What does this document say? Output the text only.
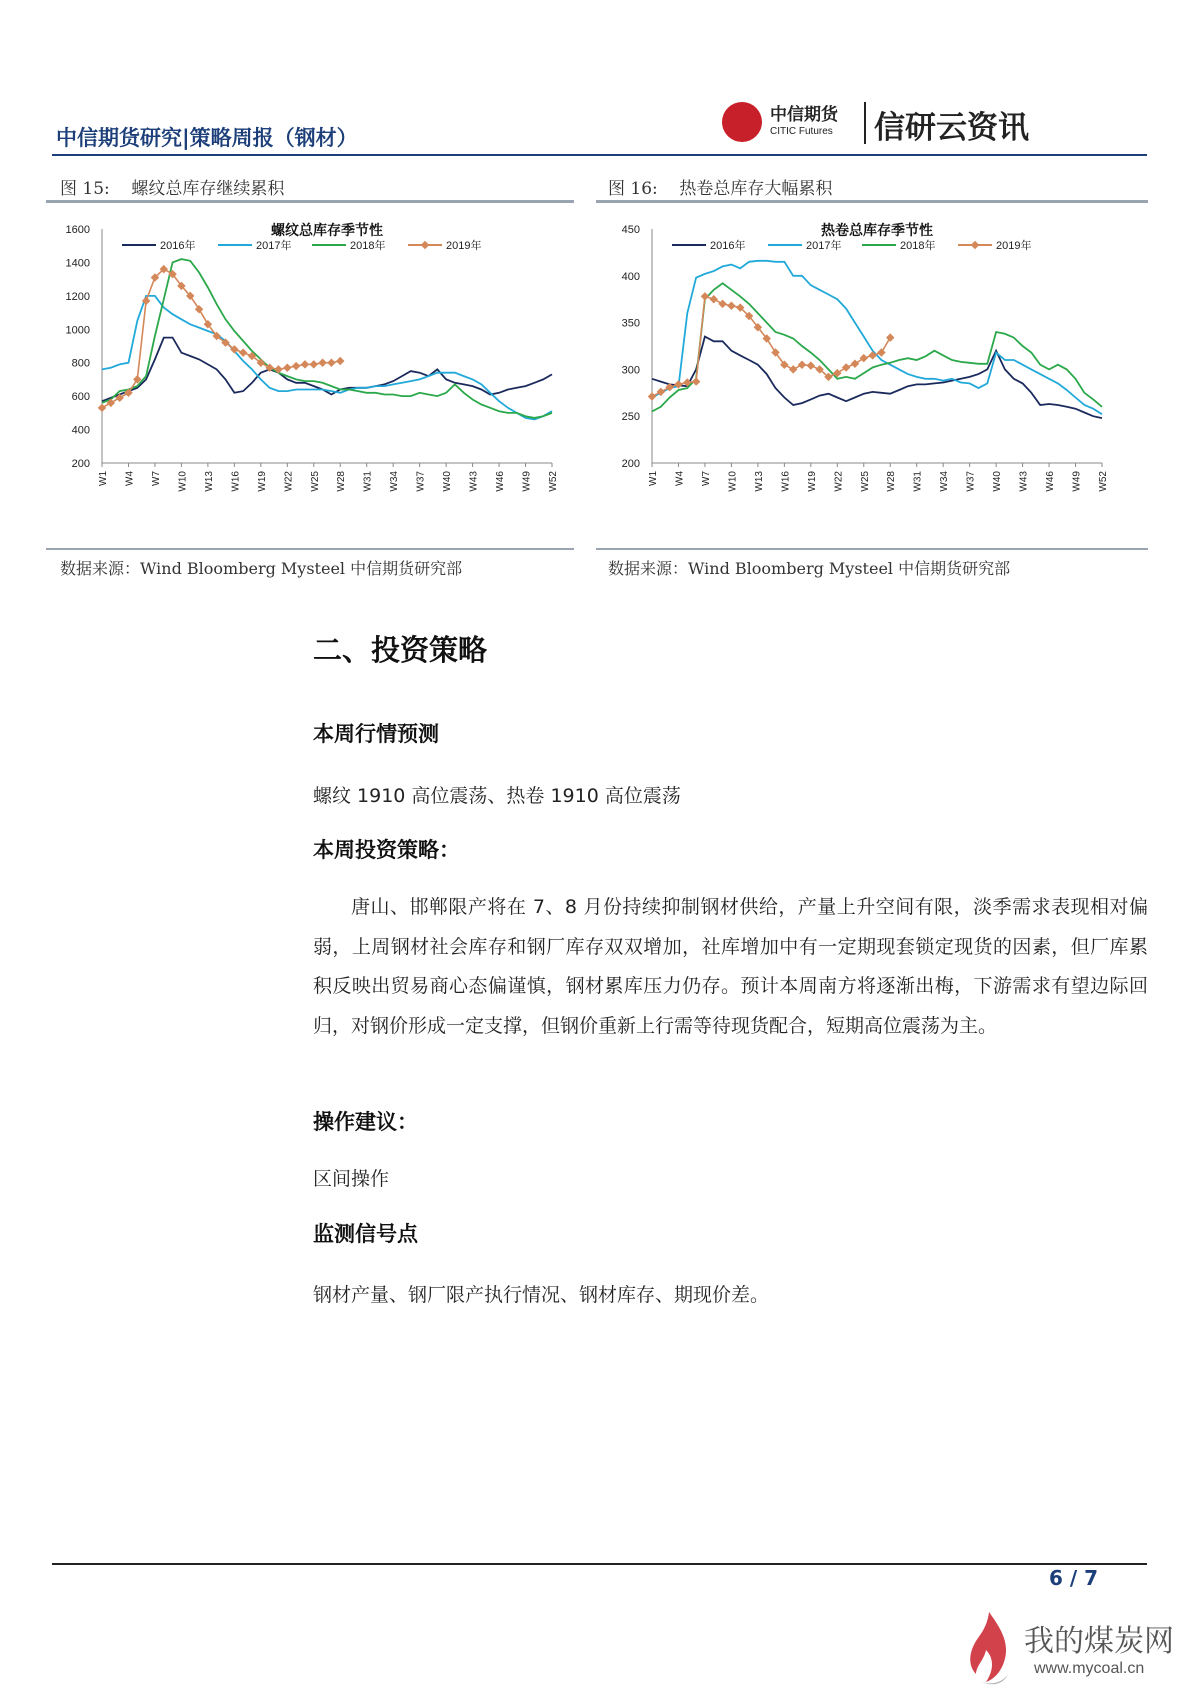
中信期货研究|策略周报（钢材）
中信期货
CITIC Futures 信研云资讯
图 15:    螺纹总库存继续累积
螺纹总库存季节性
200
400
600
800
1000
1200
1400
1600
W1 W4 W7 W10 W13 W16 W19 W22 W25 W28 W31 W34 W37 W40 W43 W46 W49 W52
2016年	2017年	2018年	2019年
数据来源：Wind Bloomberg Mysteel 中信期货研究部
图 16:    热卷总库存大幅累积
热卷总库存季节性
200
250
300
350
400
450
W1 W4 W7 W10 W13 W16 W19 W22 W25 W28 W31 W34 W37 W40 W43 W46 W49 W52
2016年	2017年	2018年	2019年
数据来源：Wind Bloomberg Mysteel 中信期货研究部
二、投资策略
本周行情预测
螺纹 1910 高位震荡、热卷 1910 高位震荡
本周投资策略：
唐山、邯郸限产将在 7、8 月份持续抑制钢材供给，产量上升空间有限，淡季需求表现相对偏弱，上周钢材社会库存和钢厂库存双双增加，社库增加中有一定期现套锁定现货的因素，但厂库累积反映出贸易商心态偏谨慎，钢材累库压力仍存。预计本周南方将逐渐出梅，下游需求有望边际回归，对钢价形成一定支撑，但钢价重新上行需等待现货配合，短期高位震荡为主。
操作建议：
区间操作
监测信号点
钢材产量、钢厂限产执行情况、钢材库存、期现价差。
6 / 7
我的煤炭网
www.mycoal.cn
